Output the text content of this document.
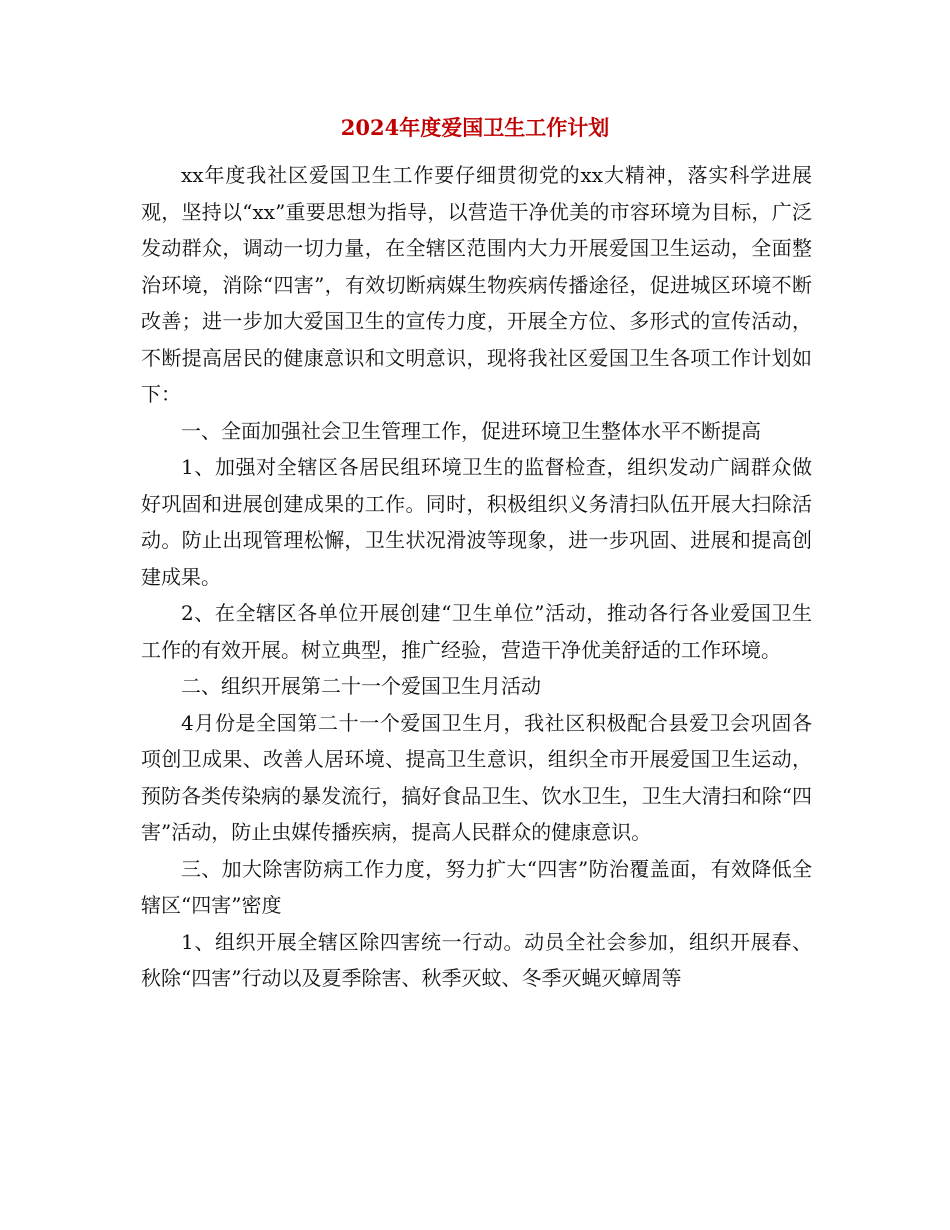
2024年度爱国卫生工作计划

xx年度我社区爱国卫生工作要仔细贯彻党的xx大精神，落实科学进展观，坚持以“xx”重要思想为指导，以营造干净优美的市容环境为目标，广泛发动群众，调动一切力量，在全辖区范围内大力开展爱国卫生运动，全面整治环境，消除“四害”，有效切断病媒生物疾病传播途径，促进城区环境不断改善；进一步加大爱国卫生的宣传力度，开展全方位、多形式的宣传活动，不断提高居民的健康意识和文明意识，现将我社区爱国卫生各项工作计划如下：

一、全面加强社会卫生管理工作，促进环境卫生整体水平不断提高

1、加强对全辖区各居民组环境卫生的监督检查，组织发动广阔群众做好巩固和进展创建成果的工作。同时，积极组织义务清扫队伍开展大扫除活动。防止出现管理松懈，卫生状况滑波等现象，进一步巩固、进展和提高创建成果。

2、在全辖区各单位开展创建“卫生单位”活动，推动各行各业爱国卫生工作的有效开展。树立典型，推广经验，营造干净优美舒适的工作环境。

二、组织开展第二十一个爱国卫生月活动

4月份是全国第二十一个爱国卫生月，我社区积极配合县爱卫会巩固各项创卫成果、改善人居环境、提高卫生意识，组织全市开展爱国卫生运动，预防各类传染病的暴发流行，搞好食品卫生、饮水卫生，卫生大清扫和除“四害”活动，防止虫媒传播疾病，提高人民群众的健康意识。

三、加大除害防病工作力度，努力扩大“四害”防治覆盖面，有效降低全辖区“四害”密度

1、组织开展全辖区除四害统一行动。动员全社会参加，组织开展春、秋除“四害”行动以及夏季除害、秋季灭蚊、冬季灭蝇灭蟑周等
